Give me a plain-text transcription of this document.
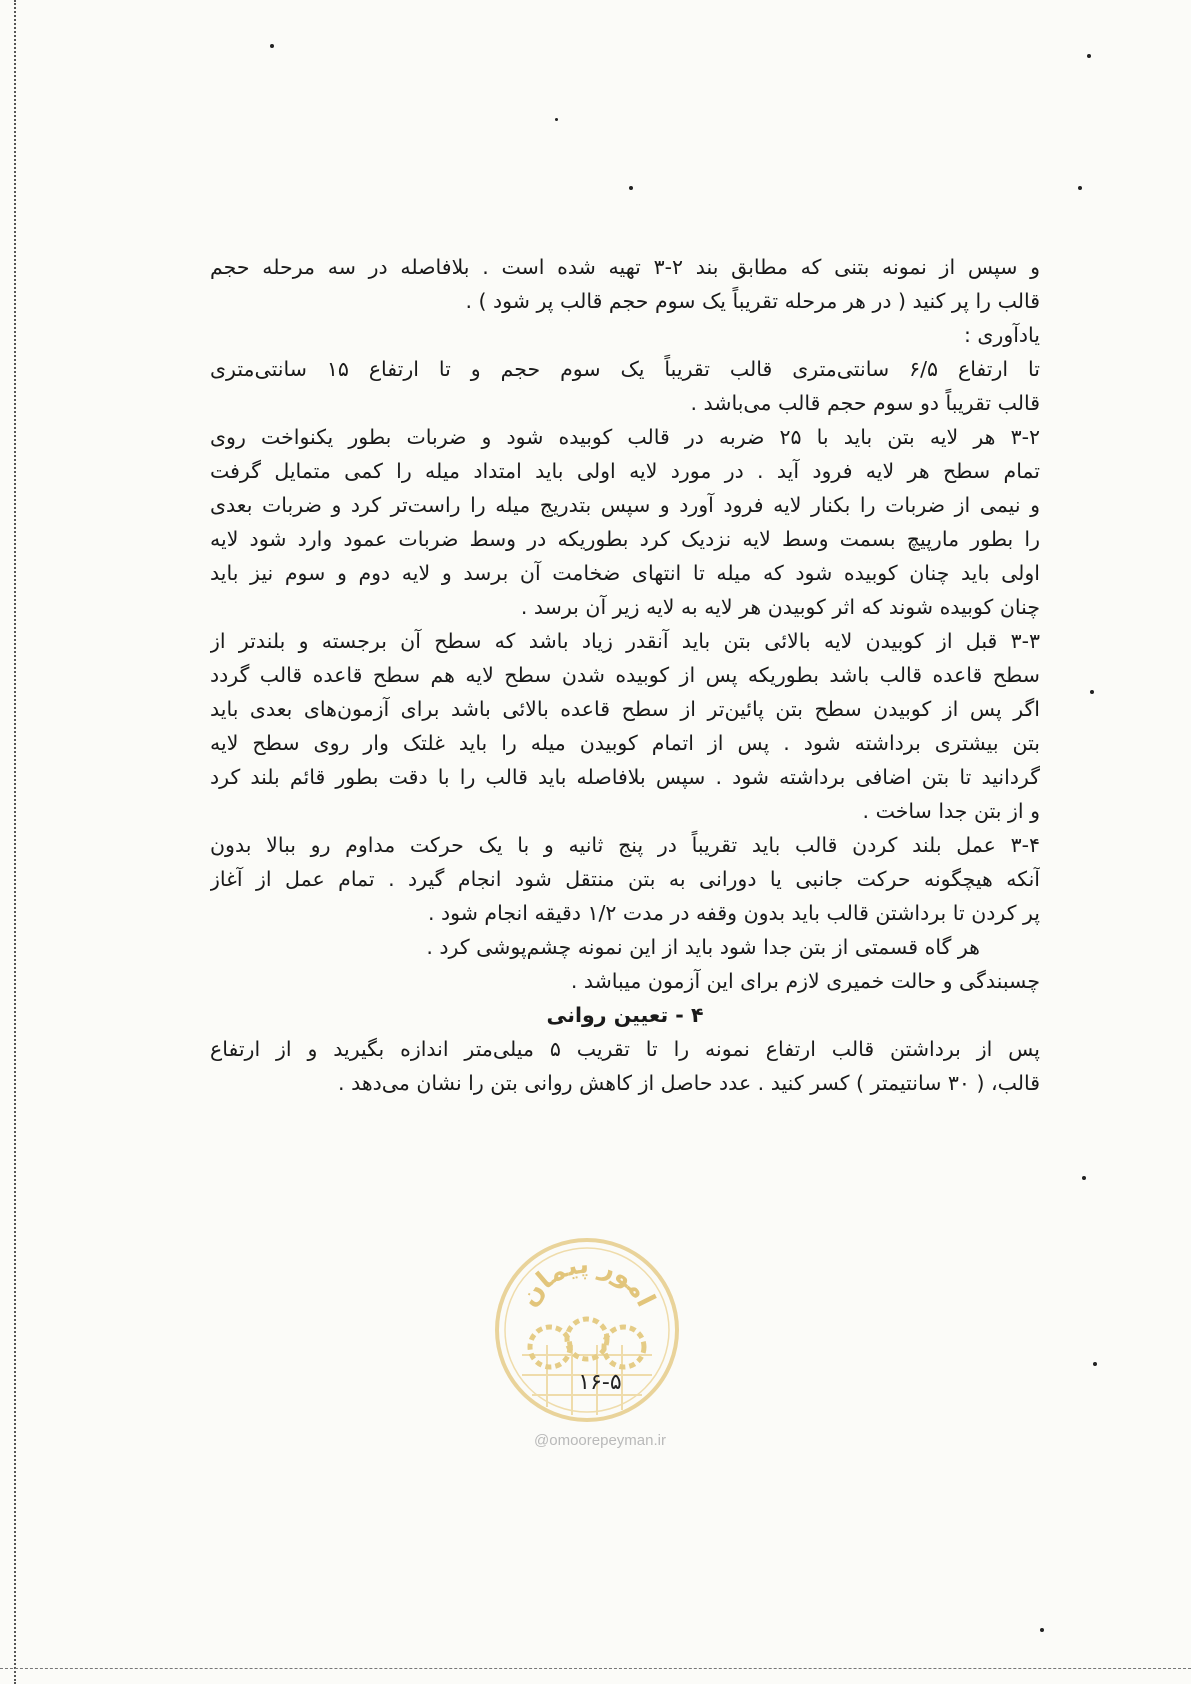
و سپس از نمونه بتنی که مطابق بند ۲-۳ تهیه شده است . بلافاصله در سه مرحله حجم
قالب را پر کنید ( در هر مرحله تقریباً یک سوم حجم قالب پر شود ) .
یادآوری :
تا ارتفاع ۶/۵ سانتی‌متری قالب تقریباً یک سوم حجم و تا ارتفاع ۱۵ سانتی‌متری
قالب تقریباً دو سوم حجم قالب می‌باشد .
۳-۲ هر لایه بتن باید با ۲۵ ضربه در قالب کوبیده شود و ضربات بطور یکنواخت روی
تمام سطح هر لایه فرود آید . در مورد لایه اولی باید امتداد میله را کمی متمایل گرفت
و نیمی از ضربات را بکنار لایه فرود آورد و سپس بتدریج میله را راست‌تر کرد و ضربات بعدی
را بطور مارپیچ بسمت وسط لایه نزدیک کرد بطوریکه در وسط ضربات عمود وارد شود لایه
اولی باید چنان کوبیده شود که میله تا انتهای ضخامت آن برسد و لایه دوم و سوم نیز باید
چنان کوبیده شوند که اثر کوبیدن هر لایه به لایه زیر آن برسد .
۳-۳ قبل از کوبیدن لایه بالائی بتن باید آنقدر زیاد باشد که سطح آن برجسته و بلندتر از
سطح قاعده قالب باشد بطوریکه پس از کوبیده شدن سطح لایه هم سطح قاعده قالب گردد
اگر پس از کوبیدن سطح بتن پائین‌تر از سطح قاعده بالائی باشد برای آزمون‌های بعدی باید
بتن بیشتری برداشته شود . پس از اتمام کوبیدن میله را باید غلتک وار روی سطح لایه
گردانید تا بتن اضافی برداشته شود . سپس بلافاصله باید قالب را با دقت بطور قائم بلند کرد
و از بتن جدا ساخت .
۳-۴ عمل بلند کردن قالب باید تقریباً در پنج ثانیه و با یک حرکت مداوم رو ببالا بدون
آنکه هیچگونه حرکت جانبی یا دورانی به بتن منتقل شود انجام گیرد . تمام عمل از آغاز
پر کردن تا برداشتن قالب باید بدون وقفه در مدت ۱/۲ دقیقه انجام شود .
هر گاه قسمتی از بتن جدا شود باید از این نمونه چشم‌پوشی کرد .
چسبندگی و حالت خمیری لازم برای این آزمون میباشد .
۴ - تعیین روانی
پس از برداشتن قالب ارتفاع نمونه را تا تقریب ۵ میلی‌متر اندازه بگیرید و از ارتفاع
قالب، ( ۳۰ سانتیمتر ) کسر کنید . عدد حاصل از کاهش روانی بتن را نشان می‌دهد .
امور پیمان
۱۶-۵
@omoorepeyman.ir
